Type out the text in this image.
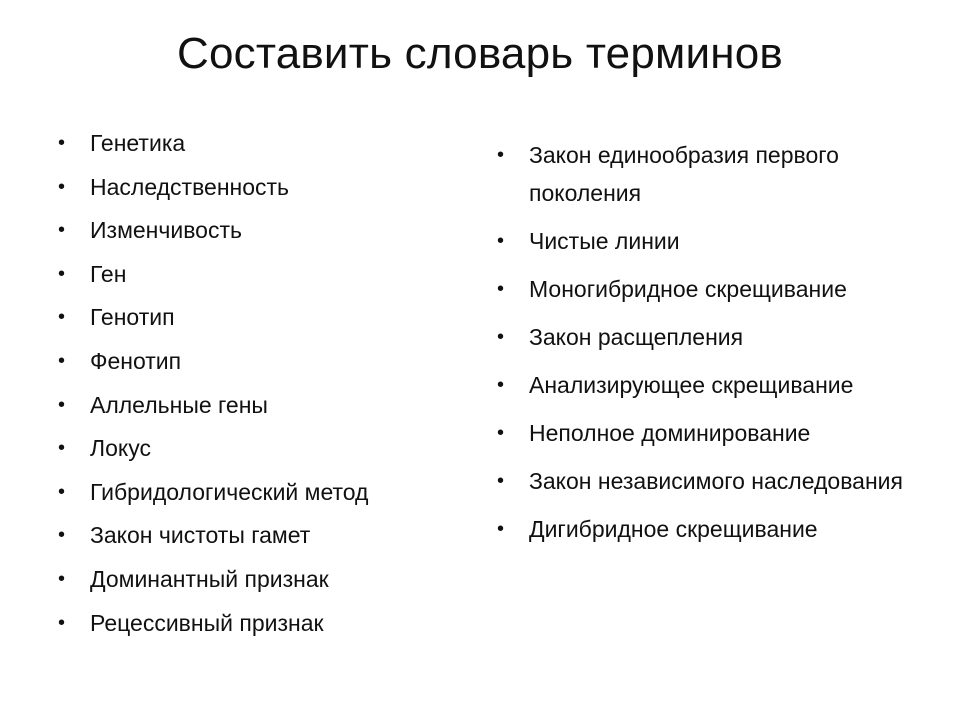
Составить словарь терминов
•	Генетика
•	Наследственность
•	Изменчивость
•	Ген
•	Генотип
•	Фенотип
•	Аллельные гены
•	Локус
•	Гибридологический метод
•	Закон чистоты гамет
•	Доминантный признак
•	Рецессивный признак
•	Закон единообразия первого поколения
•	Чистые линии
•	Моногибридное скрещивание
•	Закон расщепления
•	Анализирующее скрещивание
•	Неполное доминирование
•	Закон независимого наследования
•	Дигибридное скрещивание
